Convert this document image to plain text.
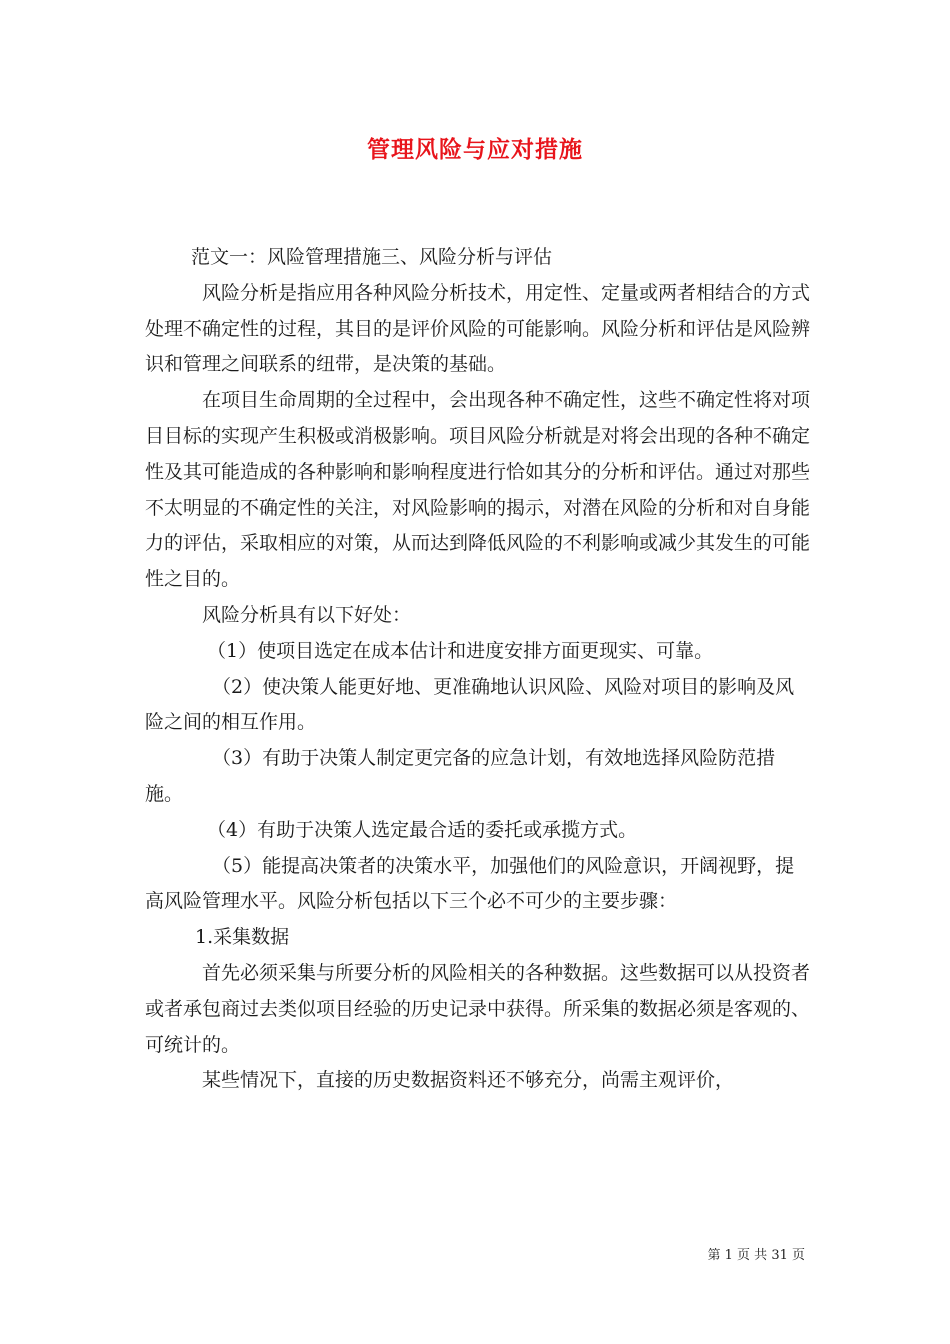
管理风险与应对措施

范文一：风险管理措施三、风险分析与评估

风险分析是指应用各种风险分析技术，用定性、定量或两者相结合的方式处理不确定性的过程，其目的是评价风险的可能影响。风险分析和评估是风险辨识和管理之间联系的纽带，是决策的基础。

在项目生命周期的全过程中，会出现各种不确定性，这些不确定性将对项目目标的实现产生积极或消极影响。项目风险分析就是对将会出现的各种不确定性及其可能造成的各种影响和影响程度进行恰如其分的分析和评估。通过对那些不太明显的不确定性的关注，对风险影响的揭示，对潜在风险的分析和对自身能力的评估，采取相应的对策，从而达到降低风险的不利影响或减少其发生的可能性之目的。

风险分析具有以下好处：

（1）使项目选定在成本估计和进度安排方面更现实、可靠。

（2）使决策人能更好地、更准确地认识风险、风险对项目的影响及风险之间的相互作用。

（3）有助于决策人制定更完备的应急计划，有效地选择风险防范措施。

（4）有助于决策人选定最合适的委托或承揽方式。

（5）能提高决策者的决策水平，加强他们的风险意识，开阔视野，提高风险管理水平。风险分析包括以下三个必不可少的主要步骤：

1.采集数据

首先必须采集与所要分析的风险相关的各种数据。这些数据可以从投资者或者承包商过去类似项目经验的历史记录中获得。所采集的数据必须是客观的、可统计的。

某些情况下，直接的历史数据资料还不够充分，尚需主观评价，

第 1 页 共 31 页
